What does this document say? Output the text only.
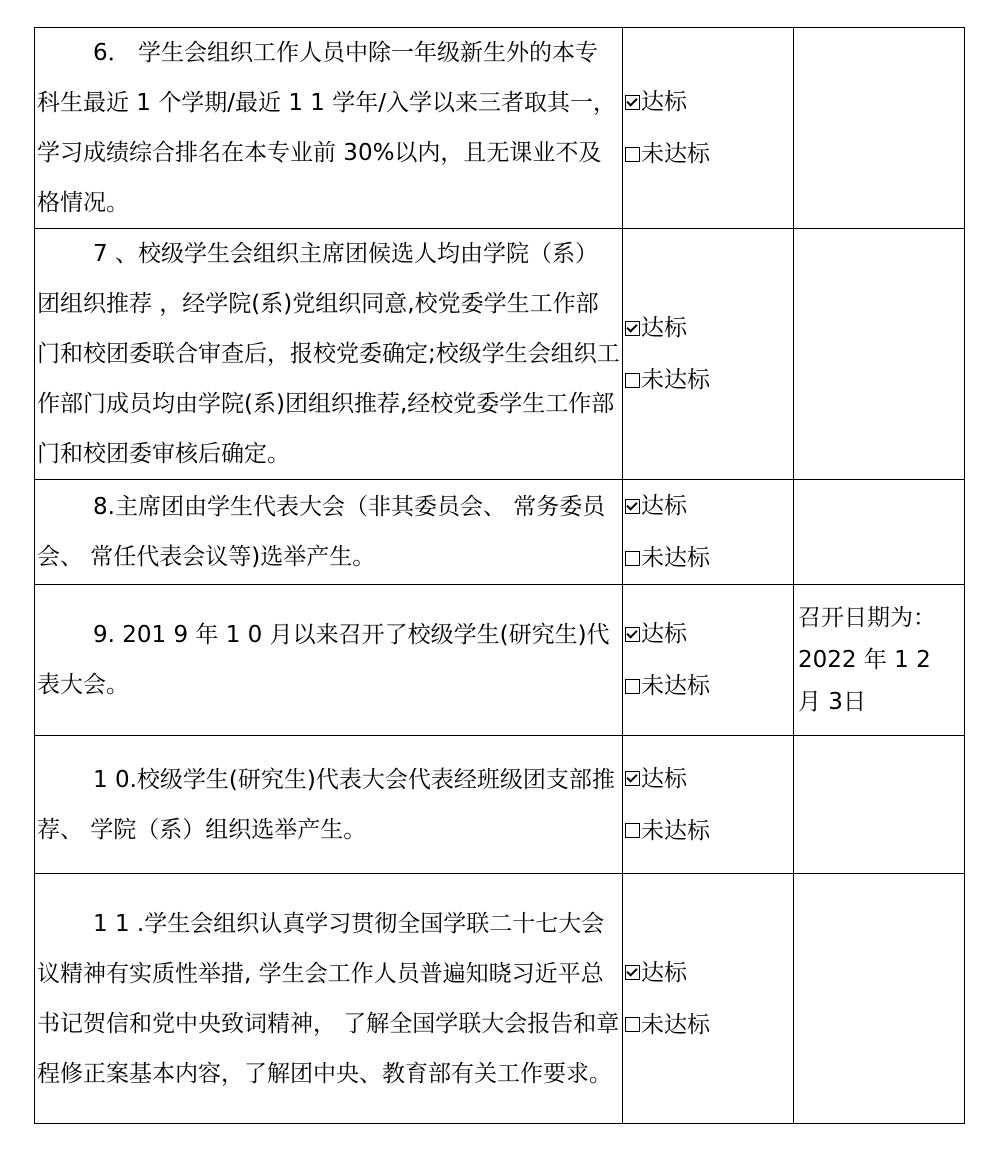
6． 学生会组织工作人员中除一年级新生外的本专科生最近 1 个学期/最近 1 1 学年/入学以来三者取其一，学习成绩综合排名在本专业前 30%以内，且无课业不及格情况。	达标
未达标	

7 、校级学生会组织主席团候选人均由学院（系）团组织推荐 ，经学院(系)党组织同意,校党委学生工作部门和校团委联合审查后，报校党委确定;校级学生会组织工作部门成员均由学院(系)团组织推荐,经校党委学生工作部门和校团委审核后确定。	达标
未达标	

8.主席团由学生代表大会（非其委员会、 常务委员会、 常任代表会议等)选举产生。	达标
未达标	

9. 201 9 年 1 0 月以来召开了校级学生(研究生)代表大会。	达标
未达标	召开日期为：2022 年 1 2 月 3日

1 0.校级学生(研究生)代表大会代表经班级团支部推荐、 学院（系）组织选举产生。	达标
未达标	

1 1 .学生会组织认真学习贯彻全国学联二十七大会议精神有实质性举措, 学生会工作人员普遍知晓习近平总书记贺信和党中央致词精神， 了解全国学联大会报告和章程修正案基本内容，了解团中央、教育部有关工作要求。	达标
未达标	
